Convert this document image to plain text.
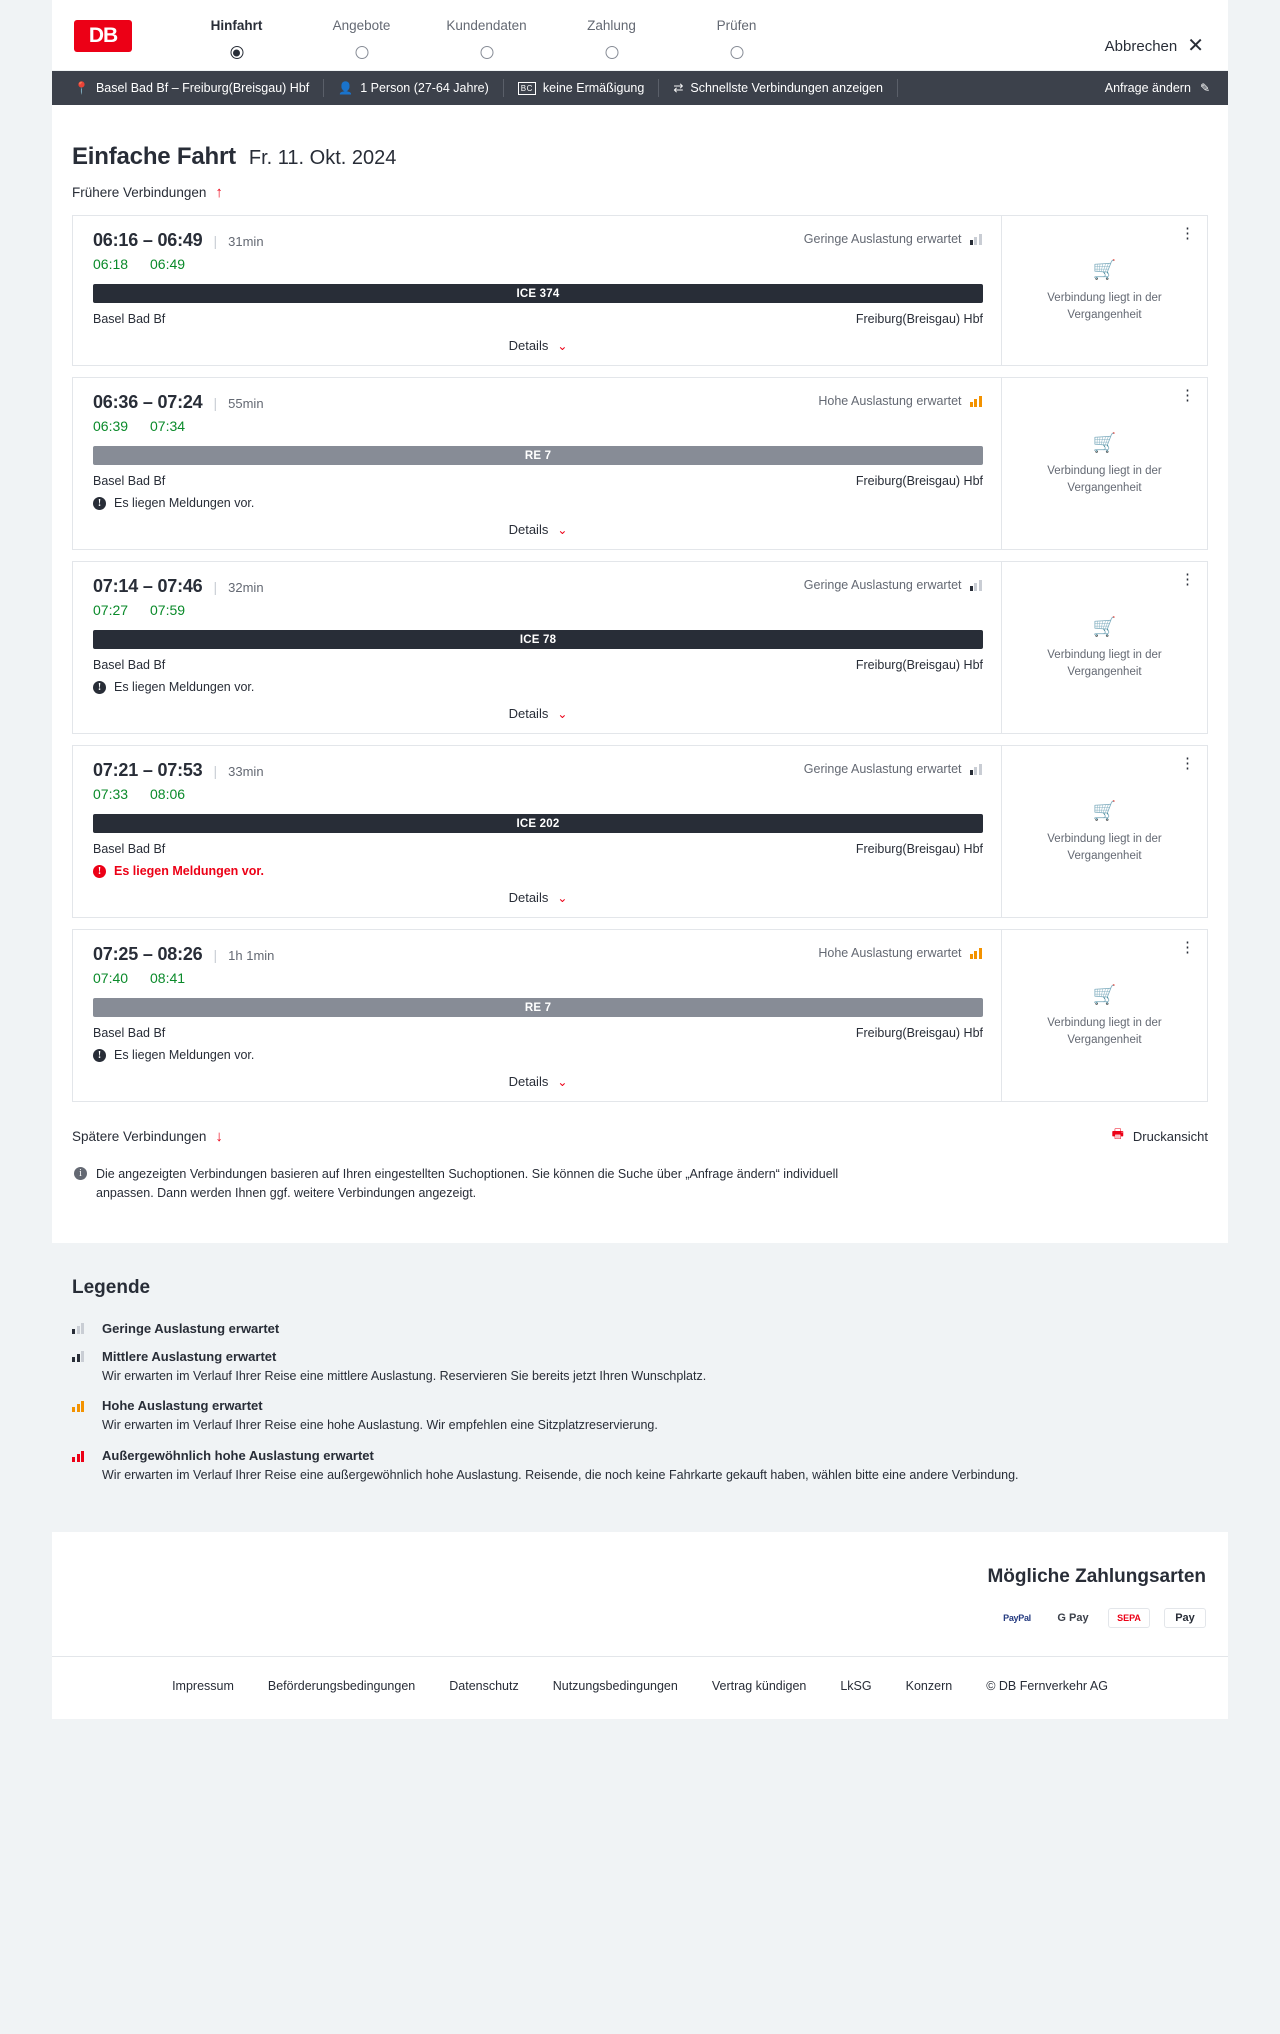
DB	Hinfahrt	Angebote	Kundendaten	Zahlung	Prüfen
Abbrechen ✕
📍 Basel Bad Bf – Freiburg(Breisgau) Hbf 👤 1 Person (27-64 Jahre)	BC keine Ermäßigung ⇄ Schnellste Verbindungen anzeigen	Anfrage ändern ✎
Einfache Fahrt Fr. 11. Okt. 2024
Frühere Verbindungen ↑
06:16 – 06:49 | 31min	Geringe Auslastung erwartet
06:18	06:49
ICE 374
Basel Bad Bf	Freiburg(Breisgau) Hbf
Details ⌄
⋮
🛒
Verbindung liegt in der Vergangenheit
06:36 – 07:24 | 55min	Hohe Auslastung erwartet
06:39	07:34
RE 7
Basel Bad Bf	Freiburg(Breisgau) Hbf
!	Es liegen Meldungen vor.
Details ⌄
⋮
🛒
Verbindung liegt in der Vergangenheit
07:14 – 07:46 | 32min	Geringe Auslastung erwartet
07:27	07:59
ICE 78
Basel Bad Bf	Freiburg(Breisgau) Hbf
!	Es liegen Meldungen vor.
Details ⌄
⋮
🛒
Verbindung liegt in der Vergangenheit
07:21 – 07:53 | 33min	Geringe Auslastung erwartet
07:33	08:06
ICE 202
Basel Bad Bf	Freiburg(Breisgau) Hbf
!	Es liegen Meldungen vor.
Details ⌄
⋮
🛒
Verbindung liegt in der Vergangenheit
07:25 – 08:26 | 1h 1min	Hohe Auslastung erwartet
07:40	08:41
RE 7
Basel Bad Bf	Freiburg(Breisgau) Hbf
!	Es liegen Meldungen vor.
Details ⌄
⋮
🛒
Verbindung liegt in der Vergangenheit
Spätere Verbindungen ↓	🖶 Druckansicht
i	Die angezeigten Verbindungen basieren auf Ihren eingestellten Suchoptionen. Sie können die Suche über „Anfrage ändern“ individuell anpassen. Dann werden Ihnen ggf. weitere Verbindungen angezeigt.
Legende
Geringe Auslastung erwartet
Mittlere Auslastung erwartet
Wir erwarten im Verlauf Ihrer Reise eine mittlere Auslastung. Reservieren Sie bereits jetzt Ihren Wunschplatz.
Hohe Auslastung erwartet
Wir erwarten im Verlauf Ihrer Reise eine hohe Auslastung. Wir empfehlen eine Sitzplatzreservierung.
Außergewöhnlich hohe Auslastung erwartet
Wir erwarten im Verlauf Ihrer Reise eine außergewöhnlich hohe Auslastung. Reisende, die noch keine Fahrkarte gekauft haben, wählen bitte eine andere Verbindung.
Mögliche Zahlungsarten
PayPal	G Pay	SEPA	Pay
Impressum	Beförderungsbedingungen	Datenschutz	Nutzungsbedingungen	Vertrag kündigen	LkSG	Konzern	© DB Fernverkehr AG
